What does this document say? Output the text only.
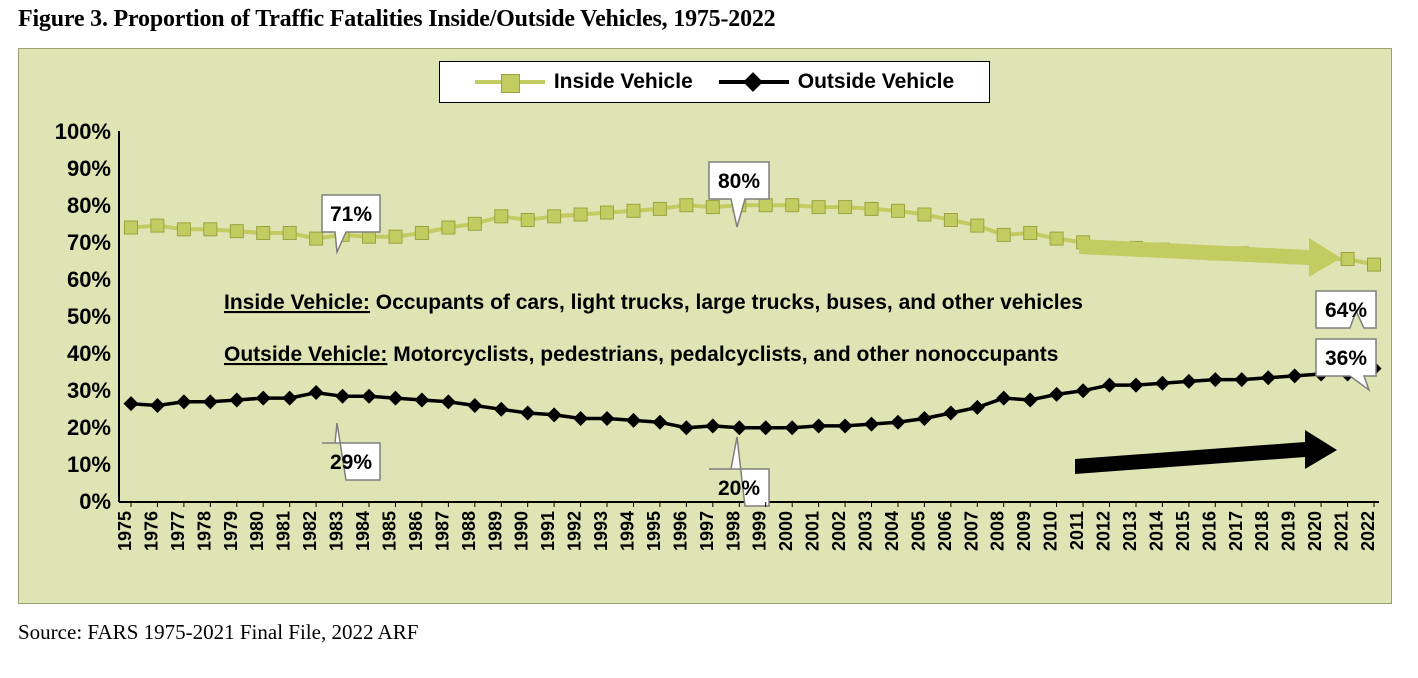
Figure 3. Proportion of Traffic Fatalities Inside/Outside Vehicles, 1975-2022
Inside Vehicle	Outside Vehicle
100%
90%
80%
70%
60%
50%
40%
30%
20%
10%
0%
Inside Vehicle: Occupants of cars, light trucks, large trucks, buses, and other vehicles
Outside Vehicle: Motorcyclists, pedestrians, pedalcyclists, and other nonoccupants
71%
80%
64%
29%
20%
36%
1975 1976 1977 1978 1979 1980 1981 1982 1983 1984 1985 1986 1987 1988 1989 1990 1991 1992 1993 1994 1995 1996 1997 1998 1999 2000 2001 2002 2003 2004 2005 2006 2007 2008 2009 2010 2011 2012 2013 2014 2015 2016 2017 2018 2019 2020 2021 2022
Source: FARS 1975-2021 Final File, 2022 ARF
